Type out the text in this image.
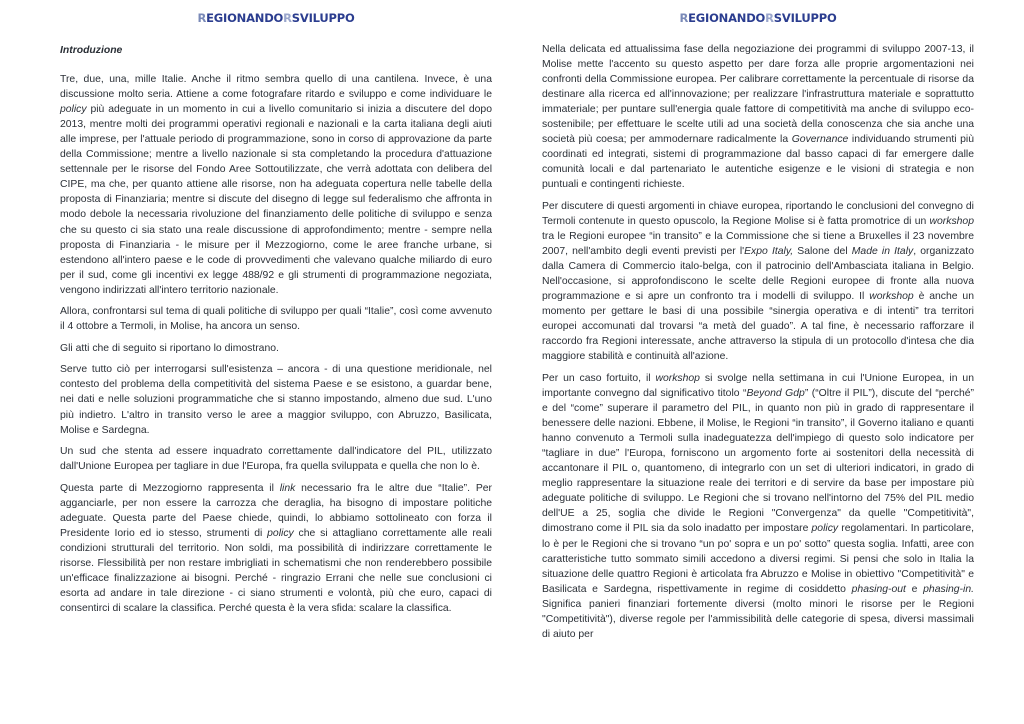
REGIONANDORSVILUPPO

Introduzione

Tre, due, una, mille Italie. Anche il ritmo sembra quello di una cantilena. Invece, è una discussione molto seria. Attiene a come fotografare ritardo e sviluppo e come individuare le policy più adeguate in un momento in cui a livello comunitario si inizia a discutere del dopo 2013, mentre molti dei programmi operativi regionali e nazionali e la carta italiana degli aiuti alle imprese, per l'attuale periodo di programmazione, sono in corso di approvazione da parte della Commissione; mentre a livello nazionale si sta completando la procedura d'attuazione settennale per le risorse del Fondo Aree Sottoutilizzate, che verrà adottata con delibera del CIPE, ma che, per quanto attiene alle risorse, non ha adeguata copertura nelle tabelle della proposta di Finanziaria; mentre si discute del disegno di legge sul federalismo che affronta in modo debole la necessaria rivoluzione del finanziamento delle politiche di sviluppo e senza che su questo ci sia stato una reale discussione di approfondimento; mentre - sempre nella proposta di Finanziaria - le misure per il Mezzogiorno, come le aree franche urbane, si estendono all'intero paese e le code di provvedimenti che valevano qualche miliardo di euro per il sud, come gli incentivi ex legge 488/92 e gli strumenti di programmazione negoziata, vengono indirizzati all'intero territorio nazionale.

Allora, confrontarsi sul tema di quali politiche di sviluppo per quali “Italie”, così come avvenuto il 4 ottobre a Termoli, in Molise, ha ancora un senso.

Gli atti che di seguito si riportano lo dimostrano.

Serve tutto ciò per interrogarsi sull'esistenza – ancora - di una questione meridionale, nel contesto del problema della competitività del sistema Paese e se esistono, a guardar bene, nei dati e nelle soluzioni programmatiche che si stanno impostando, almeno due sud. L'uno più indietro. L'altro in transito verso le aree a maggior sviluppo, con Abruzzo, Basilicata, Molise e Sardegna.

Un sud che stenta ad essere inquadrato correttamente dall'indicatore del PIL, utilizzato dall'Unione Europea per tagliare in due l'Europa, fra quella sviluppata e quella che non lo è.

Questa parte di Mezzogiorno rappresenta il link necessario fra le altre due “Italie”. Per agganciarle, per non essere la carrozza che deraglia, ha bisogno di impostare politiche adeguate. Questa parte del Paese chiede, quindi, lo abbiamo sottolineato con forza il Presidente Iorio ed io stesso, strumenti di policy che si attagliano correttamente alle reali condizioni strutturali del territorio. Non soldi, ma possibilità di indirizzare correttamente le risorse. Flessibilità per non restare imbrigliati in schematismi che non renderebbero possibile un'efficace finalizzazione ai bisogni. Perché - ringrazio Errani che nelle sue conclusioni ci esorta ad andare in tale direzione - ci siano strumenti e volontà, più che euro, capaci di consentirci di scalare la classifica. Perché questa è la vera sfida: scalare la classifica.

REGIONANDORSVILUPPO

Nella delicata ed attualissima fase della negoziazione dei programmi di sviluppo 2007-13, il Molise mette l'accento su questo aspetto per dare forza alle proprie argomentazioni nei confronti della Commissione europea. Per calibrare correttamente la percentuale di risorse da destinare alla ricerca ed all'innovazione; per realizzare l'infrastruttura materiale e soprattutto immateriale; per puntare sull'energia quale fattore di competitività ma anche di sviluppo eco-sostenibile; per effettuare le scelte utili ad una società della conoscenza che sia anche una società più coesa; per ammodernare radicalmente la Governance individuando strumenti più coordinati ed integrati, sistemi di programmazione dal basso capaci di far emergere dalle comunità locali e dal partenariato le autentiche esigenze e le visioni di strategia e non puntuali e contingenti richieste.

Per discutere di questi argomenti in chiave europea, riportando le conclusioni del convegno di Termoli contenute in questo opuscolo, la Regione Molise si è fatta promotrice di un workshop tra le Regioni europee “in transito” e la Commissione che si tiene a Bruxelles il 23 novembre 2007, nell'ambito degli eventi previsti per l'Expo Italy, Salone del Made in Italy, organizzato dalla Camera di Commercio italo-belga, con il patrocinio dell'Ambasciata italiana in Belgio. Nell'occasione, si approfondiscono le scelte delle Regioni europee di fronte alla nuova programmazione e si apre un confronto tra i modelli di sviluppo. Il workshop è anche un momento per gettare le basi di una possibile “sinergia operativa e di intenti” tra territori europei accomunati dal trovarsi “a metà del guado”. A tal fine, è necessario rafforzare il raccordo fra Regioni interessate, anche attraverso la stipula di un protocollo d'intesa che dia maggiore stabilità e continuità all'azione.

Per un caso fortuito, il workshop si svolge nella settimana in cui l'Unione Europea, in un importante convegno dal significativo titolo “Beyond Gdp” (“Oltre il PIL”), discute del “perché” e del “come” superare il parametro del PIL, in quanto non più in grado di rappresentare il benessere delle nazioni. Ebbene, il Molise, le Regioni “in transito”, il Governo italiano e quanti hanno convenuto a Termoli sulla inadeguatezza dell'impiego di questo solo indicatore per “tagliare in due” l'Europa, forniscono un argomento forte ai sostenitori della necessità di accantonare il PIL o, quantomeno, di integrarlo con un set di ulteriori indicatori, in grado di meglio rappresentare la situazione reale dei territori e di servire da base per impostare più adeguate politiche di sviluppo. Le Regioni che si trovano nell'intorno del 75% del PIL medio dell'UE a 25, soglia che divide le Regioni "Convergenza" da quelle "Competitività", dimostrano come il PIL sia da solo inadatto per impostare policy regolamentari. In particolare, lo è per le Regioni che si trovano “un po' sopra e un po' sotto” questa soglia. Infatti, aree con caratteristiche tutto sommato simili accedono a diversi regimi. Si pensi che solo in Italia la situazione delle quattro Regioni è articolata fra Abruzzo e Molise in obiettivo "Competitività" e Basilicata e Sardegna, rispettivamente in regime di cosiddetto phasing-out e phasing-in. Significa panieri finanziari fortemente diversi (molto minori le risorse per le Regioni "Competitività"), diverse regole per l'ammissibilità delle categorie di spesa, diversi massimali di aiuto per
